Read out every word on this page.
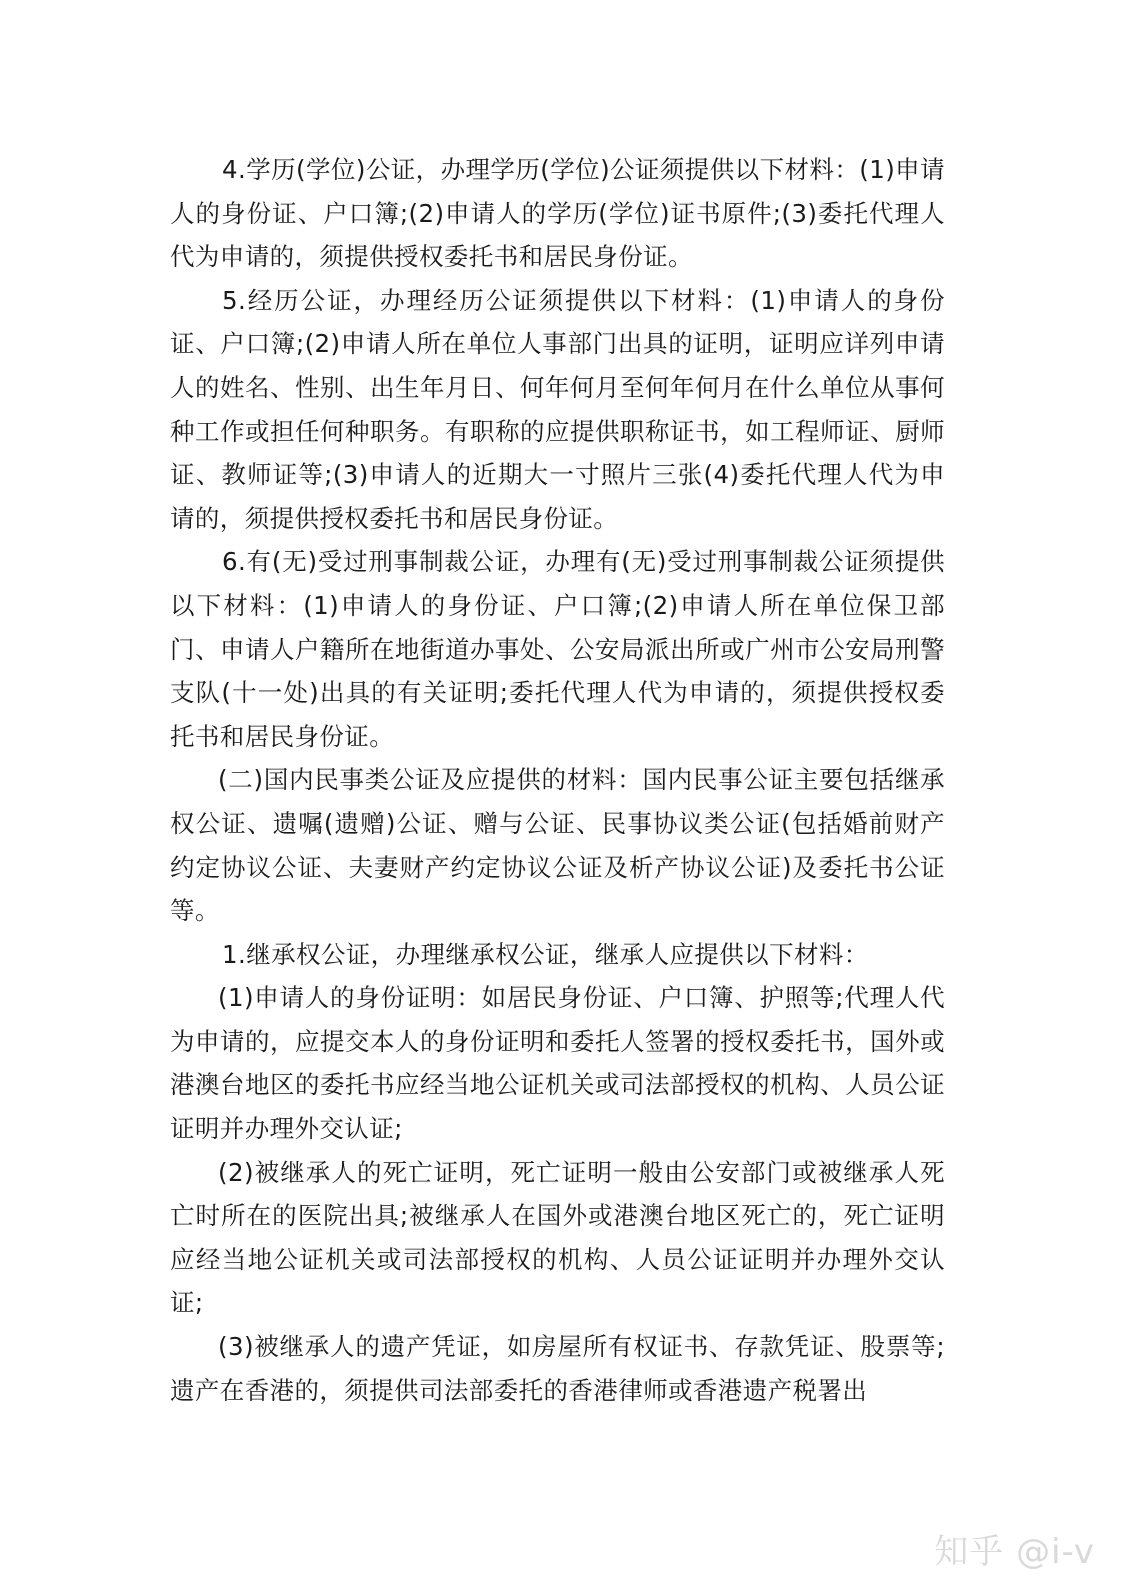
4.学历(学位)公证，办理学历(学位)公证须提供以下材料：(1)申请人的身份证、户口簿;(2)申请人的学历(学位)证书原件;(3)委托代理人代为申请的，须提供授权委托书和居民身份证。

5.经历公证，办理经历公证须提供以下材料：(1)申请人的身份证、户口簿;(2)申请人所在单位人事部门出具的证明，证明应详列申请人的姓名、性别、出生年月日、何年何月至何年何月在什么单位从事何种工作或担任何种职务。有职称的应提供职称证书，如工程师证、厨师证、教师证等;(3)申请人的近期大一寸照片三张(4)委托代理人代为申请的，须提供授权委托书和居民身份证。

6.有(无)受过刑事制裁公证，办理有(无)受过刑事制裁公证须提供以下材料：(1)申请人的身份证、户口簿;(2)申请人所在单位保卫部门、申请人户籍所在地街道办事处、公安局派出所或广州市公安局刑警支队(十一处)出具的有关证明;委托代理人代为申请的，须提供授权委托书和居民身份证。

(二)国内民事类公证及应提供的材料：国内民事公证主要包括继承权公证、遗嘱(遗赠)公证、赠与公证、民事协议类公证(包括婚前财产约定协议公证、夫妻财产约定协议公证及析产协议公证)及委托书公证等。

1.继承权公证，办理继承权公证，继承人应提供以下材料：

(1)申请人的身份证明：如居民身份证、户口簿、护照等;代理人代为申请的，应提交本人的身份证明和委托人签署的授权委托书，国外或港澳台地区的委托书应经当地公证机关或司法部授权的机构、人员公证证明并办理外交认证;

(2)被继承人的死亡证明，死亡证明一般由公安部门或被继承人死亡时所在的医院出具;被继承人在国外或港澳台地区死亡的，死亡证明应经当地公证机关或司法部授权的机构、人员公证证明并办理外交认证;

(3)被继承人的遗产凭证，如房屋所有权证书、存款凭证、股票等;遗产在香港的，须提供司法部委托的香港律师或香港遗产税署出

知乎 @i-v
